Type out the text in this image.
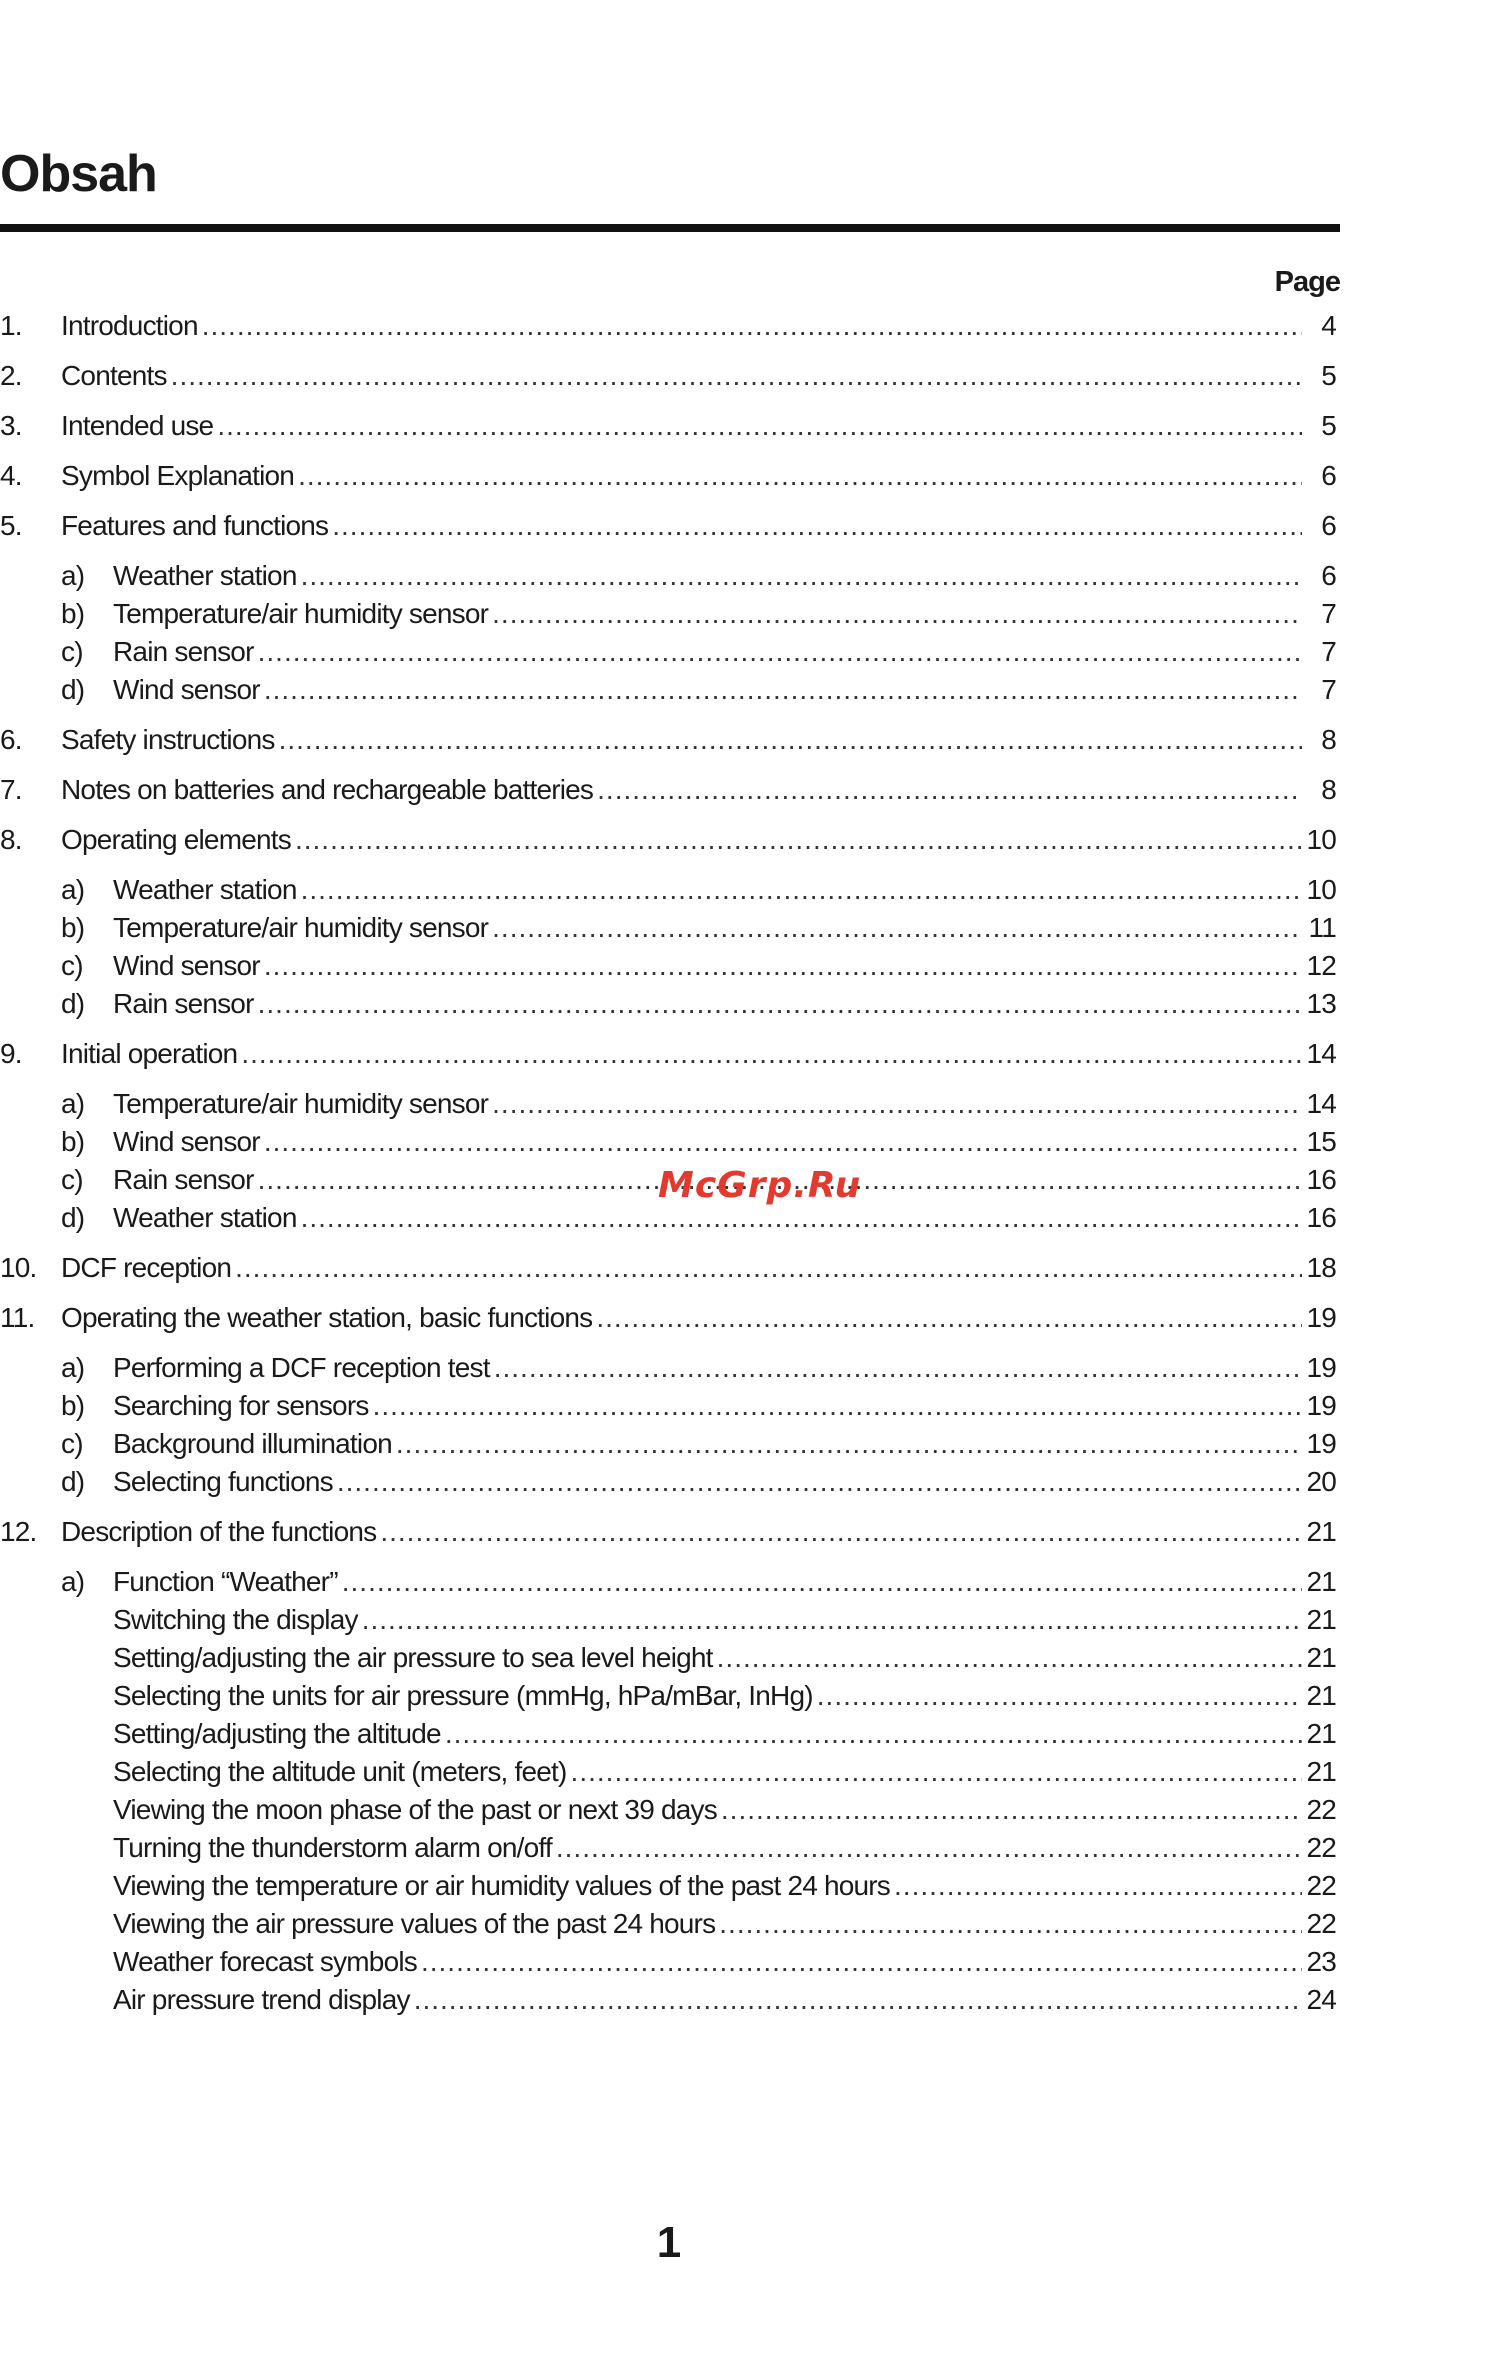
Obsah
Page
1.	Introduction .....	4
2.	Contents .....	5
3.	Intended use .....	5
4.	Symbol Explanation .....	6
5.	Features and functions .....	6
a)	Weather station .....	6
b)	Temperature/air humidity sensor .....	7
c)	Rain sensor .....	7
d)	Wind sensor .....	7
6.	Safety instructions .....	8
7.	Notes on batteries and rechargeable batteries .....	8
8.	Operating elements .....	10
a)	Weather station .....	10
b)	Temperature/air humidity sensor .....	11
c)	Wind sensor .....	12
d)	Rain sensor .....	13
9.	Initial operation .....	14
a)	Temperature/air humidity sensor .....	14
b)	Wind sensor .....	15
c)	Rain sensor .....	16
d)	Weather station .....	16
10. DCF reception .....	18
11. Operating the weather station, basic functions .....	19
a)	Performing a DCF reception test .....	19
b)	Searching for sensors .....	19
c)	Background illumination .....	19
d)	Selecting functions .....	20
12. Description of the functions .....	21
a)	Function “Weather” .....	21
Switching the display .....	21
Setting/adjusting the air pressure to sea level height .....	21
Selecting the units for air pressure (mmHg, hPa/mBar, InHg) .....	21
Setting/adjusting the altitude .....	21
Selecting the altitude unit (meters, feet) .....	21
Viewing the moon phase of the past or next 39 days .....	22
Turning the thunderstorm alarm on/off .....	22
Viewing the temperature or air humidity values of the past 24 hours .....	22
Viewing the air pressure values of the past 24 hours .....	22
Weather forecast symbols .....	23
Air pressure trend display .....	24
McGrp.Ru
1
